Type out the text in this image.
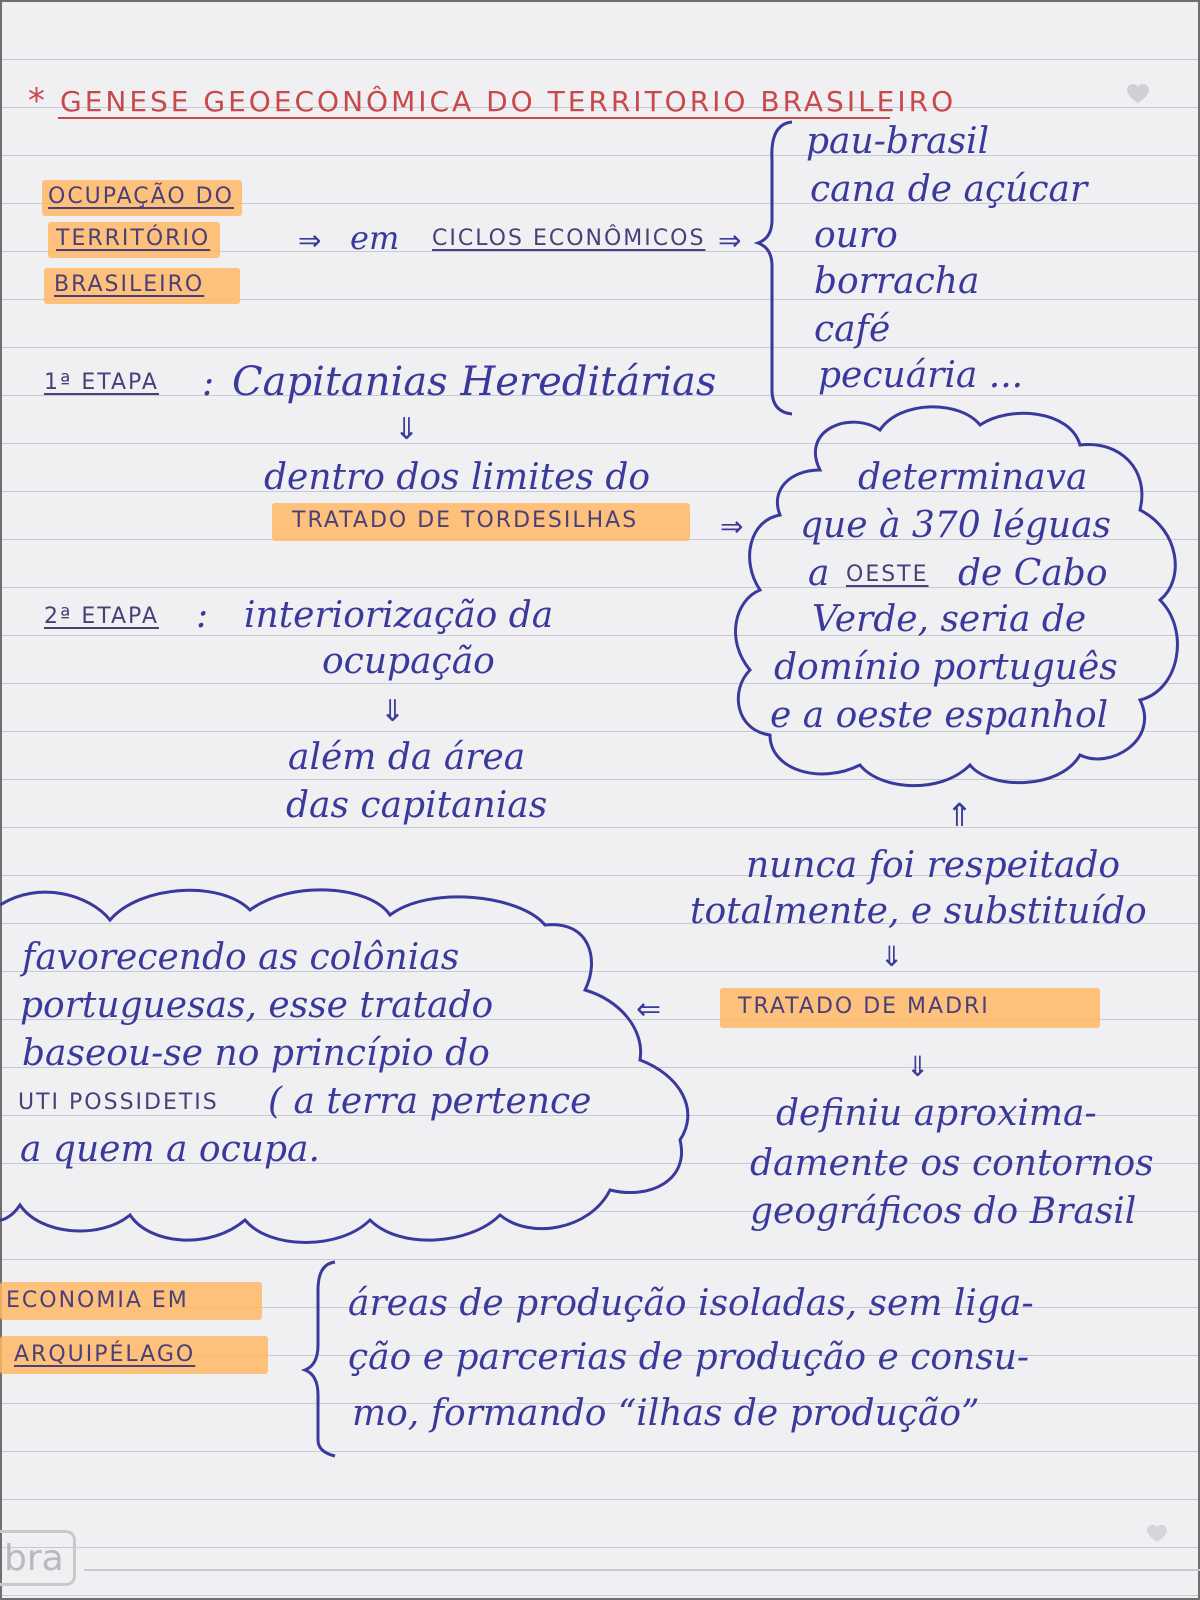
* GENESE GEOECONÔMICA DO TERRITORIO BRASILEIRO
OCUPAÇÃO DO
TERRITÓRIO
BRASILEIRO
⇒ em CICLOS ECONÔMICOS ⇒
pau-brasil
cana de açúcar
ouro
borracha
café
pecuária ...
1ª ETAPA : Capitanias Hereditárias
⇓
dentro dos limites do
TRATADO DE TORDESILHAS	⇒
determinava
que à 370 léguas
a OESTE de Cabo
Verde, seria de
domínio português
e a oeste espanhol
2ª ETAPA : interiorização da
ocupação
⇓
além da área
das capitanias	⇑
nunca foi respeitado
totalmente, e substituído
⇓
TRATADO DE MADRI
⇐
⇓
definiu aproxima-
damente os contornos
geográficos do Brasil
favorecendo as colônias
portuguesas, esse tratado
baseou-se no princípio do
UTI POSSIDETIS ( a terra pertence
a quem a ocupa.
ECONOMIA EM
ARQUIPÉLAGO
áreas de produção isoladas, sem liga-
ção e parcerias de produção e consu-
mo, formando “ilhas de produção”
bra
